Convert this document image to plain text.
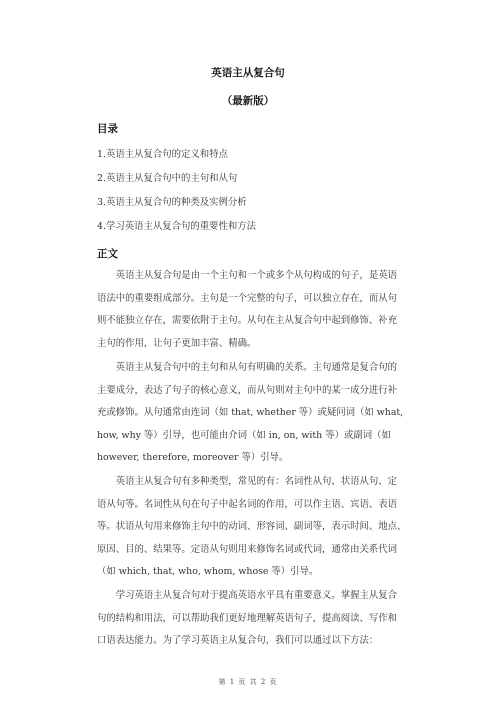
英语主从复合句
（最新版）
目录
1.英语主从复合句的定义和特点
2.英语主从复合句中的主句和从句
3.英语主从复合句的种类及实例分析
4.学习英语主从复合句的重要性和方法
正文
　　英语主从复合句是由一个主句和一个或多个从句构成的句子，是英语
语法中的重要组成部分。主句是一个完整的句子，可以独立存在，而从句
则不能独立存在，需要依附于主句。从句在主从复合句中起到修饰、补充
主句的作用，让句子更加丰富、精确。
　　英语主从复合句中的主句和从句有明确的关系。主句通常是复合句的
主要成分，表达了句子的核心意义，而从句则对主句中的某一成分进行补
充或修饰。从句通常由连词（如 that, whether 等）或疑问词（如 what,
how, why 等）引导，也可能由介词（如 in, on, with 等）或副词（如
however, therefore, moreover 等）引导。
　　英语主从复合句有多种类型，常见的有：名词性从句、状语从句、定
语从句等。名词性从句在句子中起名词的作用，可以作主语、宾语、表语
等。状语从句用来修饰主句中的动词、形容词、副词等，表示时间、地点、
原因、目的、结果等。定语从句则用来修饰名词或代词，通常由关系代词
（如 which, that, who, whom, whose 等）引导。
　　学习英语主从复合句对于提高英语水平具有重要意义。掌握主从复合
句的结构和用法，可以帮助我们更好地理解英语句子，提高阅读、写作和
口语表达能力。为了学习英语主从复合句，我们可以通过以下方法：
第 1 页 共 2 页
